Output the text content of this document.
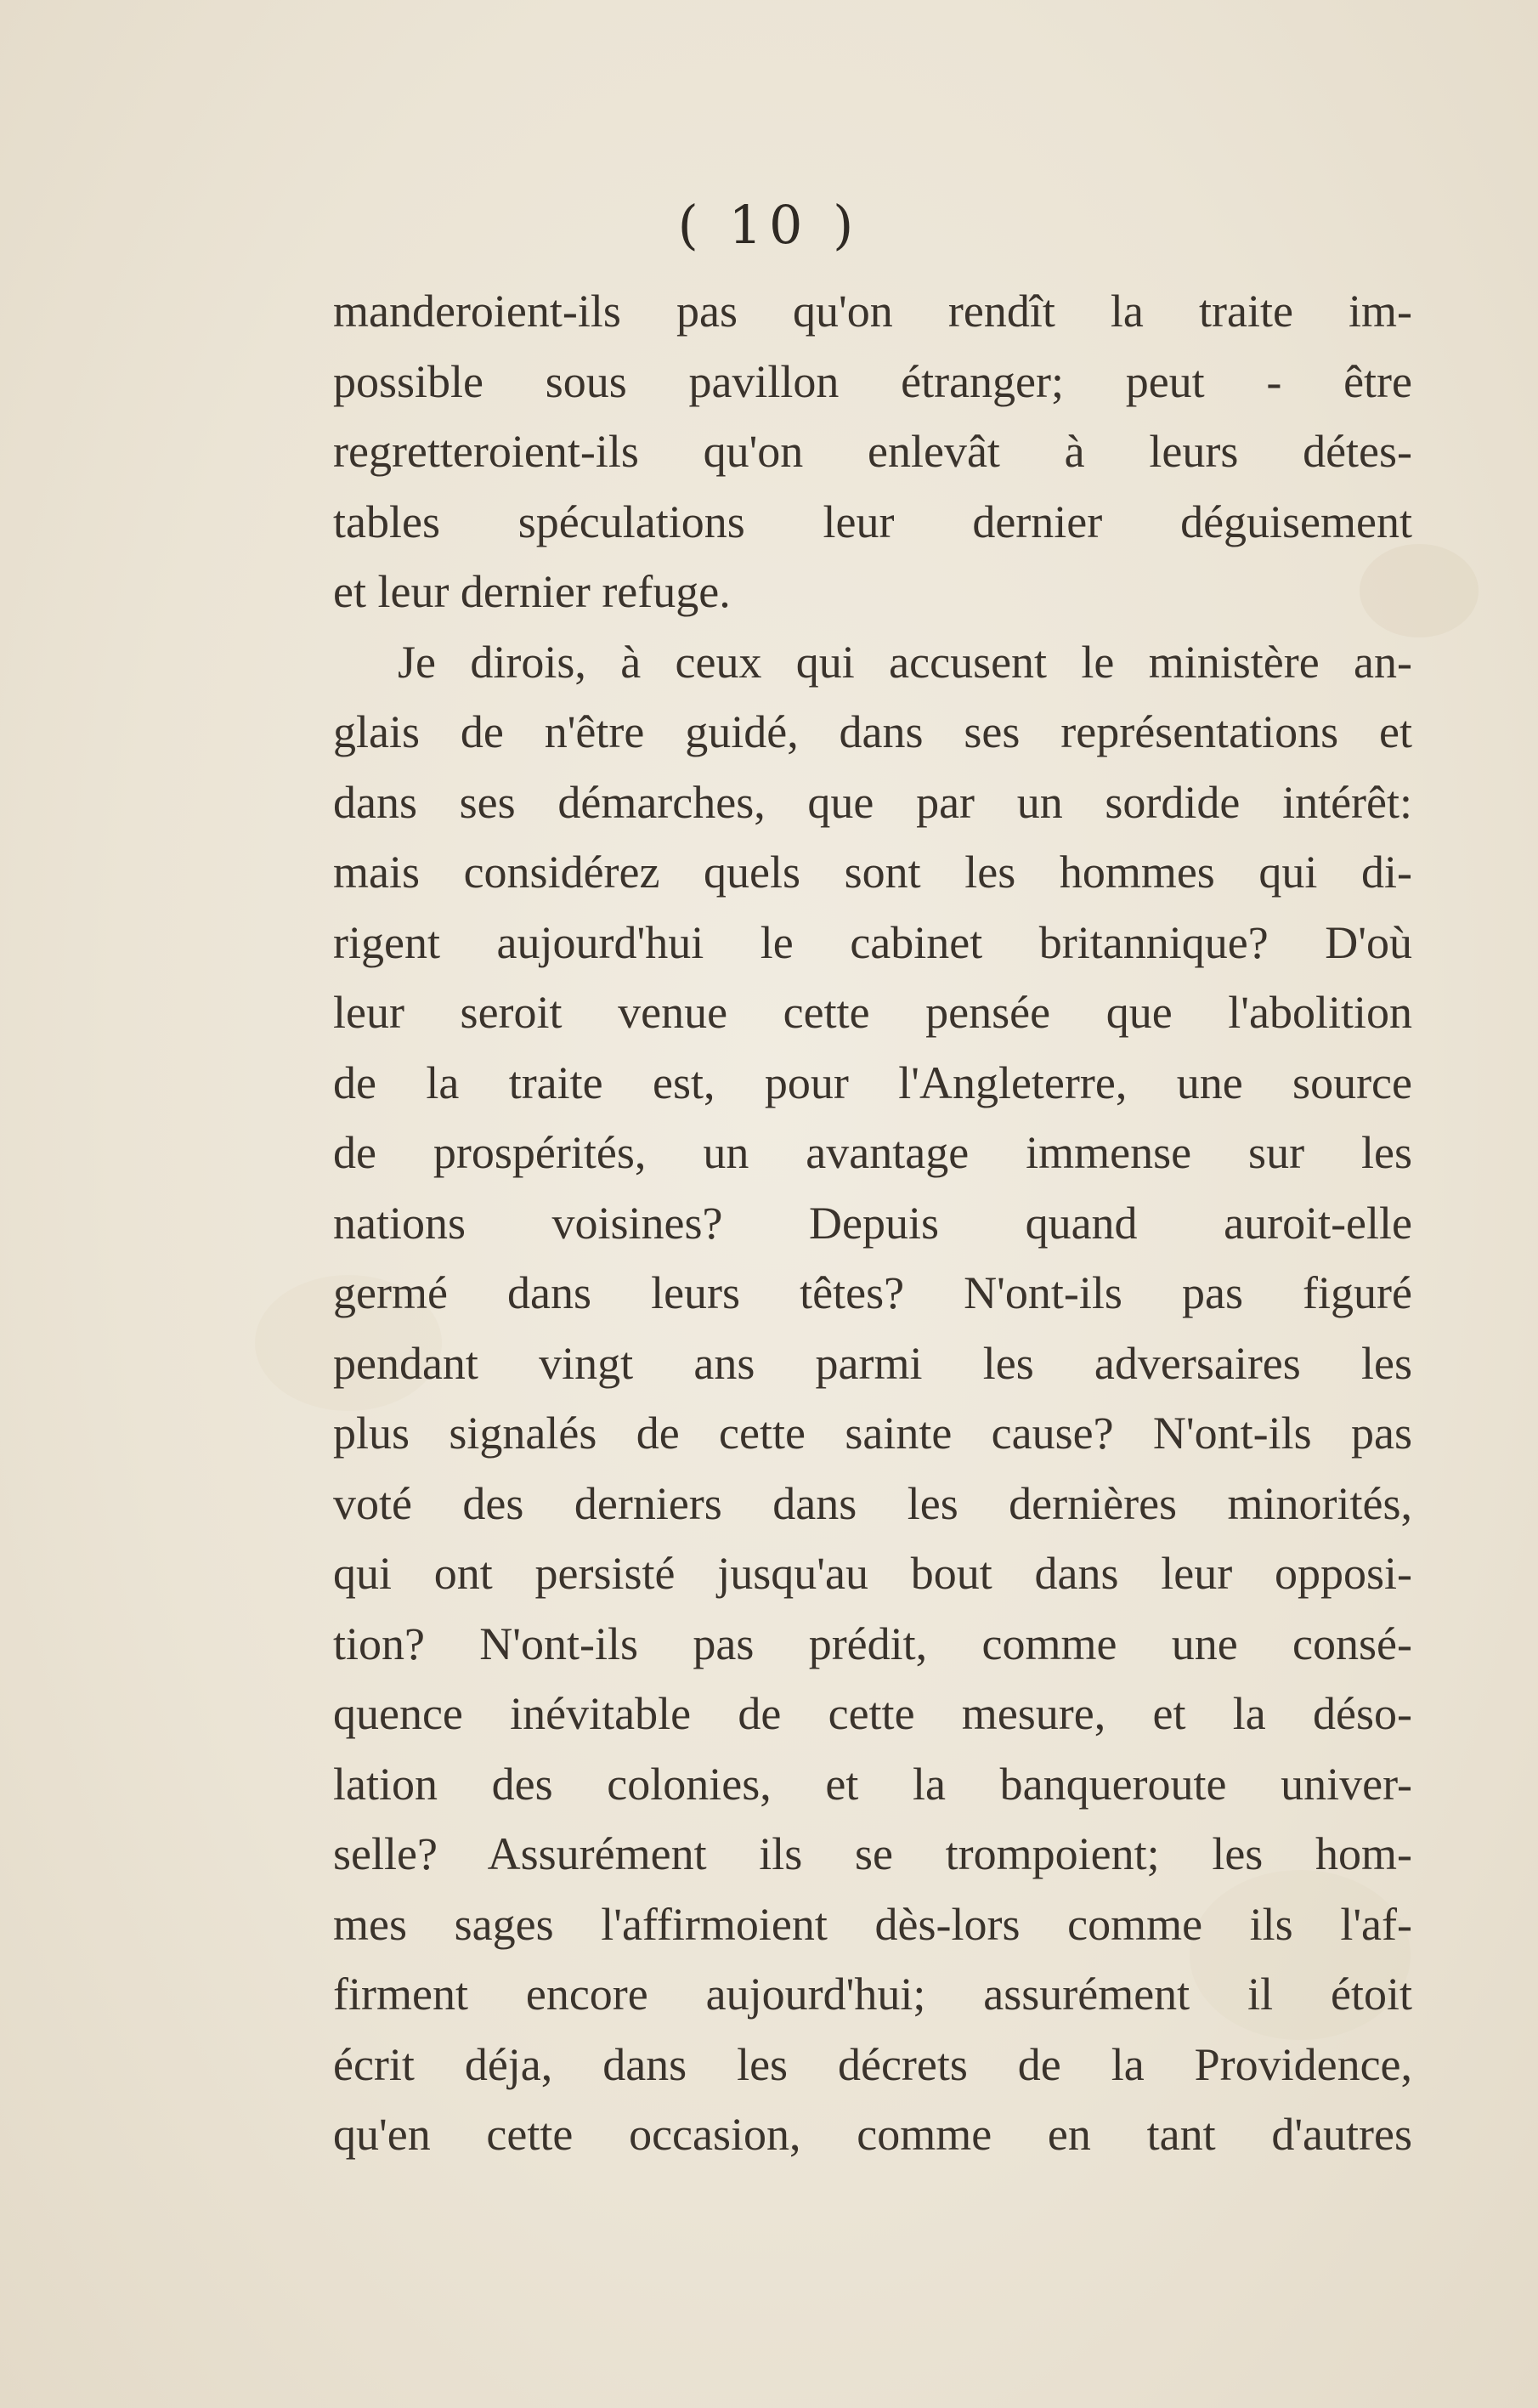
( 10 )
manderoient-ils pas qu'on rendît la traite im-
possible sous pavillon étranger; peut - être
regretteroient-ils qu'on enlevât à leurs détes-
tables spéculations leur dernier déguisement
et leur dernier refuge.
Je dirois, à ceux qui accusent le ministère an-
glais de n'être guidé, dans ses représentations et
dans ses démarches, que par un sordide intérêt:
mais considérez quels sont les hommes qui di-
rigent aujourd'hui le cabinet britannique? D'où
leur seroit venue cette pensée que l'abolition
de la traite est, pour l'Angleterre, une source
de prospérités, un avantage immense sur les
nations voisines? Depuis quand auroit-elle
germé dans leurs têtes? N'ont-ils pas figuré
pendant vingt ans parmi les adversaires les
plus signalés de cette sainte cause? N'ont-ils pas
voté des derniers dans les dernières minorités,
qui ont persisté jusqu'au bout dans leur opposi-
tion? N'ont-ils pas prédit, comme une consé-
quence inévitable de cette mesure, et la déso-
lation des colonies, et la banqueroute univer-
selle? Assurément ils se trompoient; les hom-
mes sages l'affirmoient dès-lors comme ils l'af-
firment encore aujourd'hui; assurément il étoit
écrit déja, dans les décrets de la Providence,
qu'en cette occasion, comme en tant d'autres
